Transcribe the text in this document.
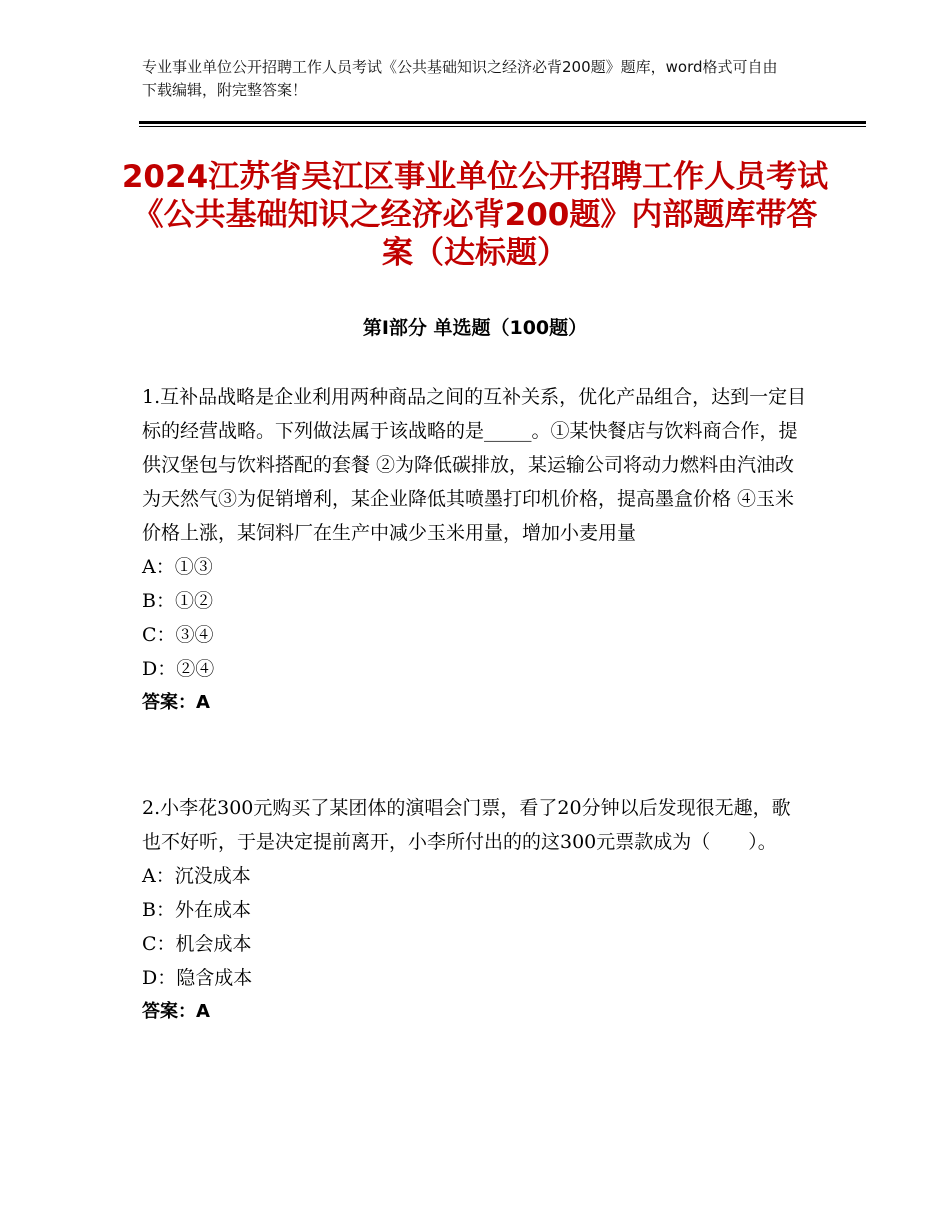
专业事业单位公开招聘工作人员考试《公共基础知识之经济必背200题》题库，word格式可自由下载编辑，附完整答案！
2024江苏省吴江区事业单位公开招聘工作人员考试《公共基础知识之经济必背200题》内部题库带答案（达标题）
第Ⅰ部分 单选题（100题）

1.互补品战略是企业利用两种商品之间的互补关系，优化产品组合，达到一定目标的经营战略。下列做法属于该战略的是_____。①某快餐店与饮料商合作，提供汉堡包与饮料搭配的套餐 ②为降低碳排放，某运输公司将动力燃料由汽油改为天然气③为促销增利，某企业降低其喷墨打印机价格，提高墨盒价格 ④玉米价格上涨，某饲料厂在生产中减少玉米用量，增加小麦用量

A：①③
B：①②
C：③④
D：②④

答案：A

2.小李花300元购买了某团体的演唱会门票，看了20分钟以后发现很无趣，歌也不好听，于是决定提前离开，小李所付出的的这300元票款成为（　　）。

A：沉没成本
B：外在成本
C：机会成本
D：隐含成本

答案：A
